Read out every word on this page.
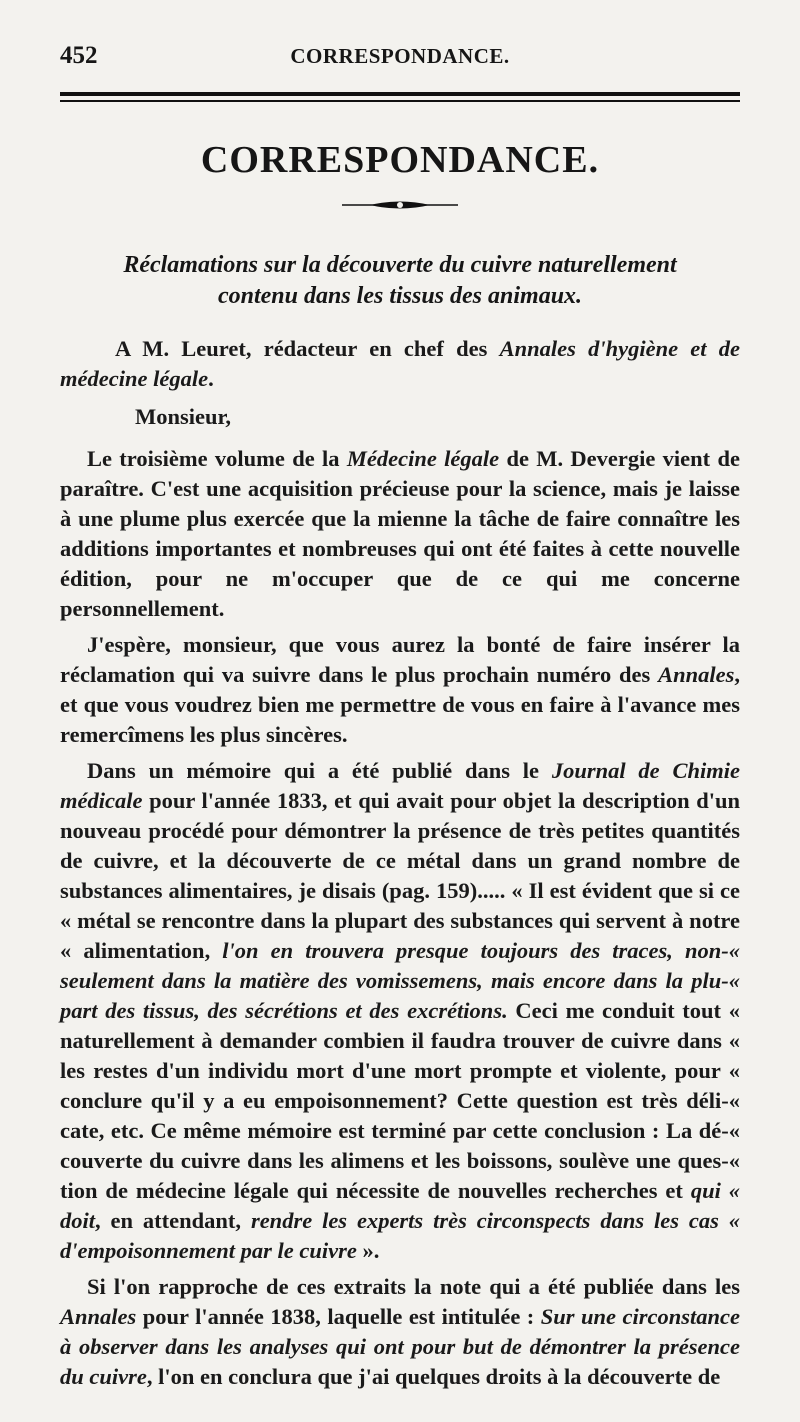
452	CORRESPONDANCE.
CORRESPONDANCE.
Réclamations sur la découverte du cuivre naturellement
contenu dans les tissus des animaux.

A M. Leuret, rédacteur en chef des Annales d'hygiène et de médecine légale.

Monsieur,

Le troisième volume de la Médecine légale de M. Devergie vient de paraître. C'est une acquisition précieuse pour la science, mais je laisse à une plume plus exercée que la mienne la tâche de faire connaître les additions importantes et nombreuses qui ont été faites à cette nouvelle édition, pour ne m'occuper que de ce qui me concerne personnellement.

J'espère, monsieur, que vous aurez la bonté de faire insérer la réclamation qui va suivre dans le plus prochain numéro des Annales, et que vous voudrez bien me permettre de vous en faire à l'avance mes remercîmens les plus sincères.

Dans un mémoire qui a été publié dans le Journal de Chimie médicale pour l'année 1833, et qui avait pour objet la description d'un nouveau procédé pour démontrer la présence de très petites quantités de cuivre, et la découverte de ce métal dans un grand nombre de substances alimentaires, je disais (pag. 159)..... « Il est évident que si ce « métal se rencontre dans la plupart des substances qui servent à notre « alimentation, l'on en trouvera presque toujours des traces, non-« seulement dans la matière des vomissemens, mais encore dans la plu-« part des tissus, des sécrétions et des excrétions. Ceci me conduit tout « naturellement à demander combien il faudra trouver de cuivre dans « les restes d'un individu mort d'une mort prompte et violente, pour « conclure qu'il y a eu empoisonnement? Cette question est très déli-« cate, etc. Ce même mémoire est terminé par cette conclusion : La dé-« couverte du cuivre dans les alimens et les boissons, soulève une ques-« tion de médecine légale qui nécessite de nouvelles recherches et qui « doit, en attendant, rendre les experts très circonspects dans les cas « d'empoisonnement par le cuivre ».

Si l'on rapproche de ces extraits la note qui a été publiée dans les Annales pour l'année 1838, laquelle est intitulée : Sur une circonstance à observer dans les analyses qui ont pour but de démontrer la présence du cuivre, l'on en conclura que j'ai quelques droits à la découverte de
